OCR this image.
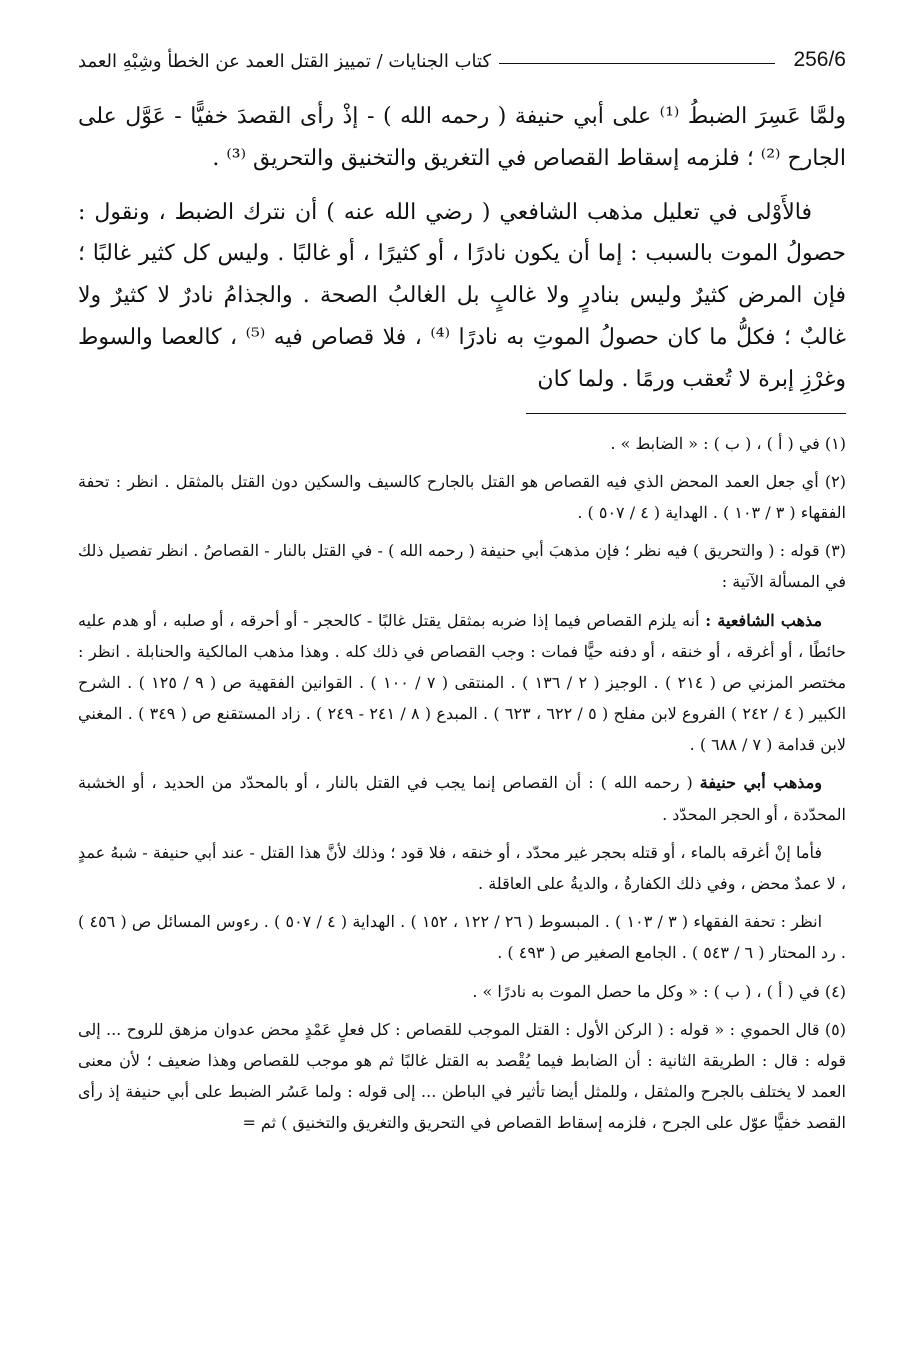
256/6
كتاب الجنايات / تمييز القتل العمد عن الخطأ وشِبْهِ العمد

ولمَّا عَسِرَ الضبطُ ⁽¹⁾ على أبي حنيفة ( رحمه الله ) - إذْ رأى القصدَ خفيًّا - عَوَّل على الجارح ⁽²⁾ ؛ فلزمه إسقاط القصاص في التغريق والتخنيق والتحريق ⁽³⁾ .

فالأَوْلى في تعليل مذهب الشافعي ( رضي الله عنه ) أن نترك الضبط ، ونقول : حصولُ الموت بالسبب : إما أن يكون نادرًا ، أو كثيرًا ، أو غالبًا . وليس كل كثير غالبًا ؛ فإن المرض كثيرٌ وليس بنادرٍ ولا غالبٍ بل الغالبُ الصحة . والجذامُ نادرٌ لا كثيرٌ ولا غالبٌ ؛ فكلُّ ما كان حصولُ الموتِ به نادرًا ⁽⁴⁾ ، فلا قصاص فيه ⁽⁵⁾ ، كالعصا والسوط وغرْزِ إبرة لا تُعقب ورمًا . ولما كان

(١) في ( أ ) ، ( ب ) : « الضابط » .

(٢) أي جعل العمد المحض الذي فيه القصاص هو القتل بالجارح كالسيف والسكين دون القتل بالمثقل . انظر : تحفة الفقهاء ( ٣ / ١٠٣ ) . الهداية ( ٤ / ٥٠٧ ) .

(٣) قوله : ( والتحريق ) فيه نظر ؛ فإن مذهبَ أبي حنيفة ( رحمه الله ) - في القتل بالنار - القصاصُ . انظر تفصيل ذلك في المسألة الآتية :

مذهب الشافعية : أنه يلزم القصاص فيما إذا ضربه بمثقل يقتل غالبًا - كالحجر - أو أحرقه ، أو صلبه ، أو هدم عليه حائطًا ، أو أغرقه ، أو خنقه ، أو دفنه حيًّا فمات : وجب القصاص في ذلك كله . وهذا مذهب المالكية والحنابلة . انظر : مختصر المزني ص ( ٢١٤ ) . الوجيز ( ٢ / ١٣٦ ) . المنتقى ( ٧ / ١٠٠ ) . القوانين الفقهية ص ( ٩ / ١٢٥ ) . الشرح الكبير ( ٤ / ٢٤٢ ) الفروع لابن مفلح ( ٥ / ٦٢٢ ، ٦٢٣ ) . المبدع ( ٨ / ٢٤١ - ٢٤٩ ) . زاد المستقنع ص ( ٣٤٩ ) . المغني لابن قدامة ( ٧ / ٦٨٨ ) .

ومذهب أبي حنيفة ( رحمه الله ) : أن القصاص إنما يجب في القتل بالنار ، أو بالمحدّد من الحديد ، أو الخشبة المحدّدة ، أو الحجر المحدّد .

فأما إنْ أغرقه بالماء ، أو قتله بحجر غير محدّد ، أو خنقه ، فلا قود ؛ وذلك لأنَّ هذا القتل - عند أبي حنيفة - شبهُ عمدٍ ، لا عمدٌ محض ، وفي ذلك الكفارةُ ، والديةُ على العاقلة .

انظر : تحفة الفقهاء ( ٣ / ١٠٣ ) . المبسوط ( ٢٦ / ١٢٢ ، ١٥٢ ) . الهداية ( ٤ / ٥٠٧ ) . رءوس المسائل ص ( ٤٥٦ ) . رد المحتار ( ٦ / ٥٤٣ ) . الجامع الصغير ص ( ٤٩٣ ) .

(٤) في ( أ ) ، ( ب ) : « وكل ما حصل الموت به نادرًا » .

(٥) قال الحموي : « قوله : ( الركن الأول : القتل الموجب للقصاص : كل فعلٍ عَمْدٍ محض عدوان مزهق للروح ... إلى قوله : قال : الطريقة الثانية : أن الضابط فيما يُقْصد به القتل غالبًا ثم هو موجب للقصاص وهذا ضعيف ؛ لأن معنى العمد لا يختلف بالجرح والمثقل ، وللمثل أيضا تأثير في الباطن ... إلى قوله : ولما عَسُر الضبط على أبي حنيفة إذ رأى القصد خفيًّا عوّل على الجرح ، فلزمه إسقاط القصاص في التحريق والتغريق والتخنيق ) ثم =
